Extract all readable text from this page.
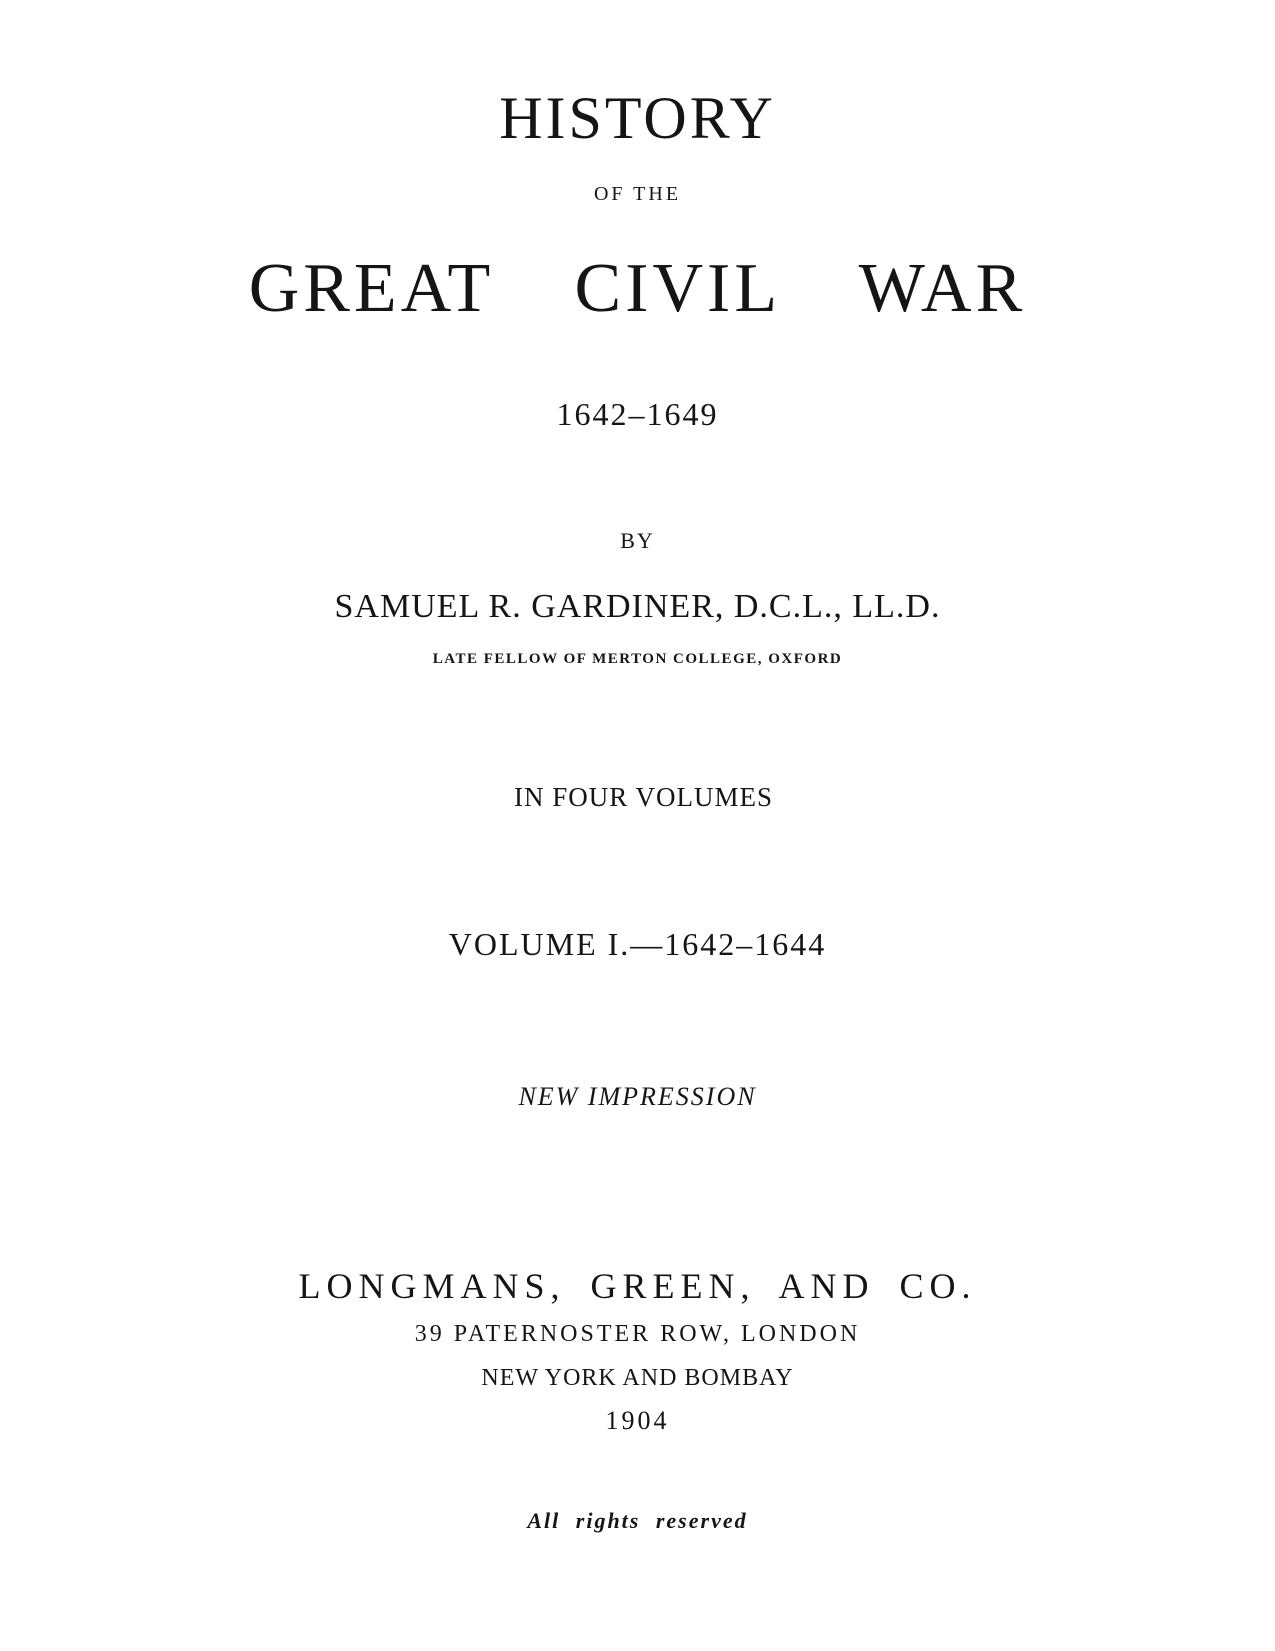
HISTORY
OF THE
GREAT CIVIL WAR
1642–1649
BY
SAMUEL R. GARDINER, D.C.L., LL.D.
LATE FELLOW OF MERTON COLLEGE, OXFORD
IN FOUR VOLUMES
VOLUME I.—1642–1644
NEW IMPRESSION
LONGMANS, GREEN, AND CO.
39 PATERNOSTER ROW, LONDON
NEW YORK AND BOMBAY
1904
All rights reserved
